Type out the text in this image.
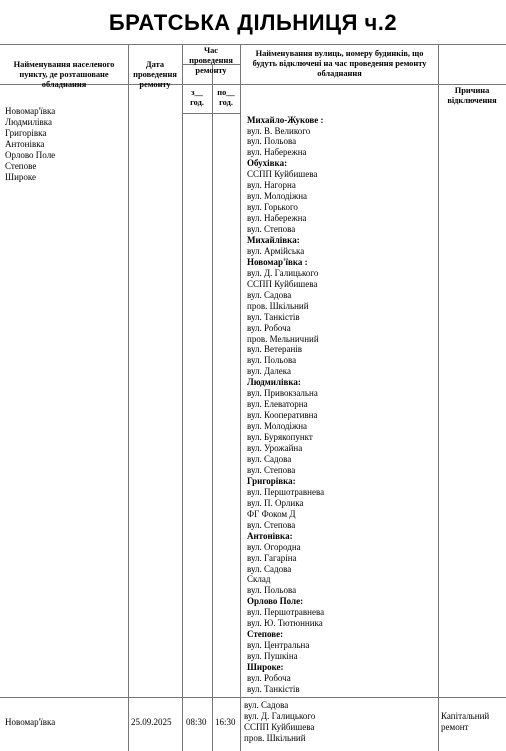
БРАТСЬКА ДІЛЬНИЦЯ ч.2
Найменування населеного пункту, де розташоване обладнання
Дата проведення ремонту
Час проведення ремонту
з__ год.
по__ год.
Найменування вулиць, номеру будинків, що будуть відключені на час проведення ремонту обладнання
Причина відключення
Новомар'ївка
Людмилівка
Григорівка
Антонівка
Орлово Поле
Степове
Широке
Михайло-Жукове :
вул. В. Великого
вул. Польова
вул. Набережна
Обухівка:
ССПП Куйбишева
вул. Нагорна
вул. Молодіжна
вул. Горького
вул. Набережна
вул. Степова
Михайлівка:
вул. Армійська
Новомар'ївка :
вул. Д. Галицького
ССПП Куйбишева
вул. Садова
пров. Шкільний
вул. Танкістів
вул. Робоча
пров. Мельничний
вул. Ветеранів
вул. Польова
вул. Далека
Людмилівка:
вул. Привокзальна
вул. Елеваторна
вул. Кооперативна
вул. Молодіжна
вул. Бурякопункт
вул. Урожайна
вул. Садова
вул. Степова
Григорівка:
вул. Першотравнева
вул. П. Орлика
ФГ Фоком Д
вул. Степова
Антонівка:
вул. Огородна
вул. Гагаріна
вул. Садова
Склад
вул. Польова
Орлово Поле:
вул. Першотравнева
вул. Ю. Тютюнника
Степове:
вул. Центральна
вул. Пушкіна
Широке:
вул. Робоча
вул. Танкістів
Новомар'ївка	25.09.2025 08:30 16:30
вул. Садова
вул. Д. Галицького
ССПП Куйбишева
пров. Шкільний
Капітальний ремонт
